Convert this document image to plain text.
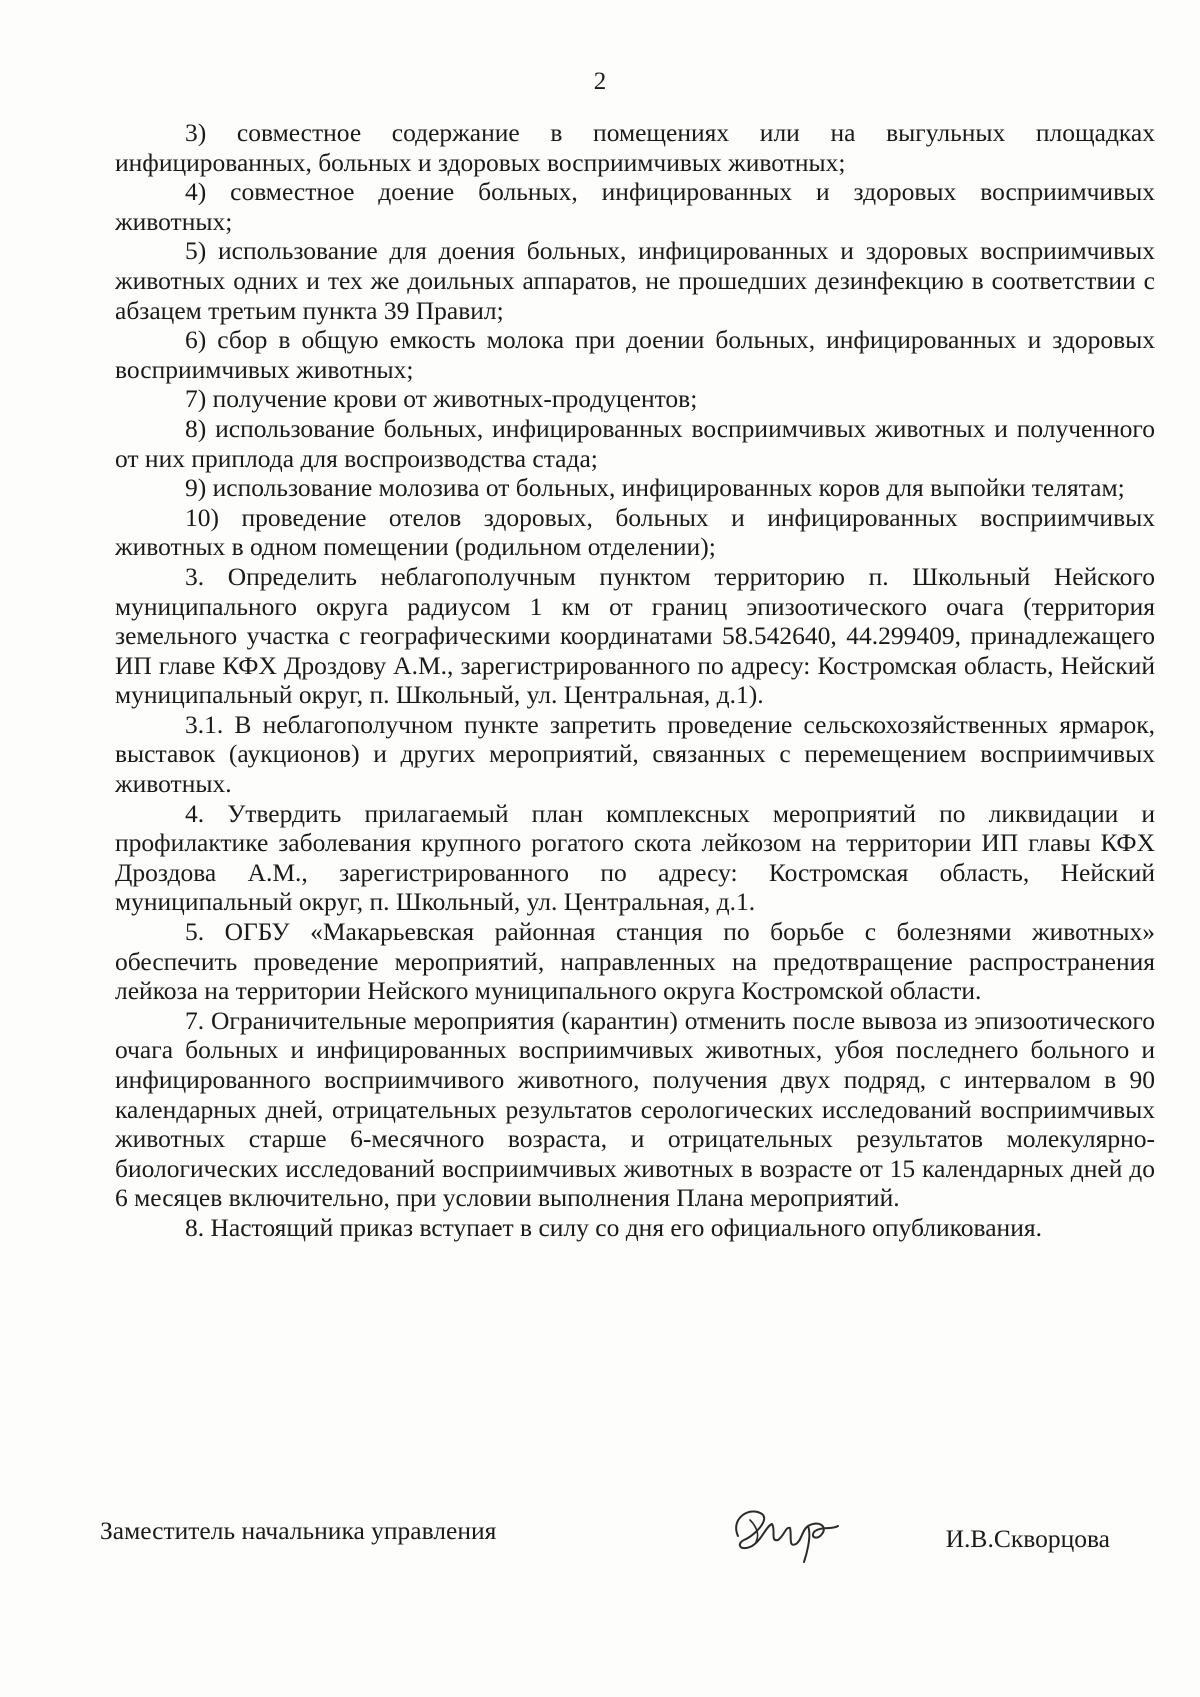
2

3) совместное содержание в помещениях или на выгульных площадках инфицированных, больных и здоровых восприимчивых животных;

4) совместное доение больных, инфицированных и здоровых восприимчивых животных;

5) использование для доения больных, инфицированных и здоровых восприимчивых животных одних и тех же доильных аппаратов, не прошедших дезинфекцию в соответствии с абзацем третьим пункта 39 Правил;

6) сбор в общую емкость молока при доении больных, инфицированных и здоровых восприимчивых животных;

7) получение крови от животных-продуцентов;

8) использование больных, инфицированных восприимчивых животных и полученного от них приплода для воспроизводства стада;

9) использование молозива от больных, инфицированных коров для выпойки телятам;

10) проведение отелов здоровых, больных и инфицированных восприимчивых животных в одном помещении (родильном отделении);

3. Определить неблагополучным пунктом территорию п. Школьный Нейского муниципального округа радиусом 1 км от границ эпизоотического очага (территория земельного участка с географическими координатами 58.542640, 44.299409, принадлежащего ИП главе КФХ Дроздову А.М., зарегистрированного по адресу: Костромская область, Нейский муниципальный округ, п. Школьный, ул. Центральная, д.1).

3.1. В неблагополучном пункте запретить проведение сельскохозяйственных ярмарок, выставок (аукционов) и других мероприятий, связанных с перемещением восприимчивых животных.

4. Утвердить прилагаемый план комплексных мероприятий по ликвидации и профилактике заболевания крупного рогатого скота лейкозом на территории ИП главы КФХ Дроздова А.М., зарегистрированного по адресу: Костромская область, Нейский муниципальный округ, п. Школьный, ул. Центральная, д.1.

5. ОГБУ «Макарьевская районная станция по борьбе с болезнями животных» обеспечить проведение мероприятий, направленных на предотвращение распространения лейкоза на территории Нейского муниципального округа Костромской области.

7. Ограничительные мероприятия (карантин) отменить после вывоза из эпизоотического очага больных и инфицированных восприимчивых животных, убоя последнего больного и инфицированного восприимчивого животного, получения двух подряд, с интервалом в 90 календарных дней, отрицательных результатов серологических исследований восприимчивых животных старше 6-месячного возраста, и отрицательных результатов молекулярно-биологических исследований восприимчивых животных в возрасте от 15 календарных дней до 6 месяцев включительно, при условии выполнения Плана мероприятий.

8. Настоящий приказ вступает в силу со дня его официального опубликования.

Заместитель начальника управления	И.В.Скворцова
